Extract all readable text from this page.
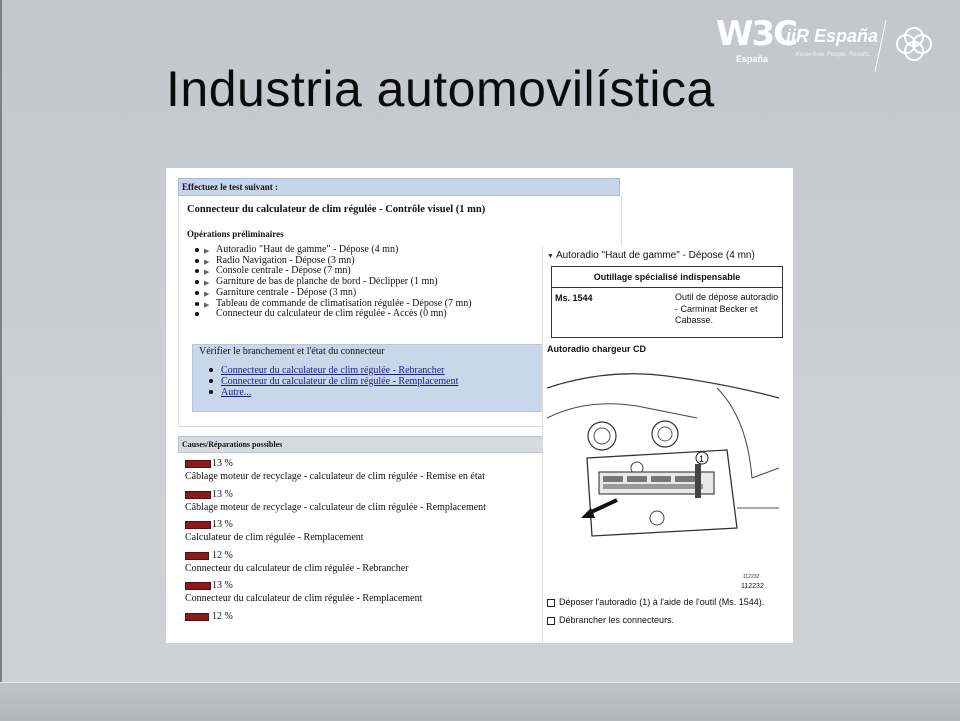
W3C
España
iiR España
Know-how. People. Results.
Industria automovilística
Effectuez le test suivant :
Connecteur du calculateur de clim régulée - Contrôle visuel (1 mn)
Opérations préliminaires
▶ Autoradio "Haut de gamme" - Dépose (4 mn)
▶ Radio Navigation - Dépose (3 mn)
▶ Console centrale - Dépose (7 mn)
▶ Garniture de bas de planche de bord - Déclipper (1 mn)
▶ Garniture centrale - Dépose (3 mn)
▶ Tableau de commande de climatisation régulée - Dépose (7 mn)
Connecteur du calculateur de clim régulée - Accès (0 mn)
Vérifier le branchement et l'état du connecteur
Connecteur du calculateur de clim régulée - Rebrancher
Connecteur du calculateur de clim régulée - Remplacement
Autre...
Causes/Réparations possibles
13 %
Câblage moteur de recyclage - calculateur de clim régulée - Remise en état
13 %
Câblage moteur de recyclage - calculateur de clim régulée - Remplacement
13 %
Calculateur de clim régulée - Remplacement
12 %
Connecteur du calculateur de clim régulée - Rebrancher
13 %
Connecteur du calculateur de clim régulée - Remplacement
12 %
▼ Autoradio "Haut de gamme" - Dépose (4 mn)
Outillage spécialisé indispensable
Ms. 1544	Outil de dépose autoradio - Carminat Becker et Cabasse.
Autoradio chargeur CD
1
112232
112232
Déposer l'autoradio (1) à l'aide de l'outil (Ms. 1544).
Débrancher les connecteurs.
